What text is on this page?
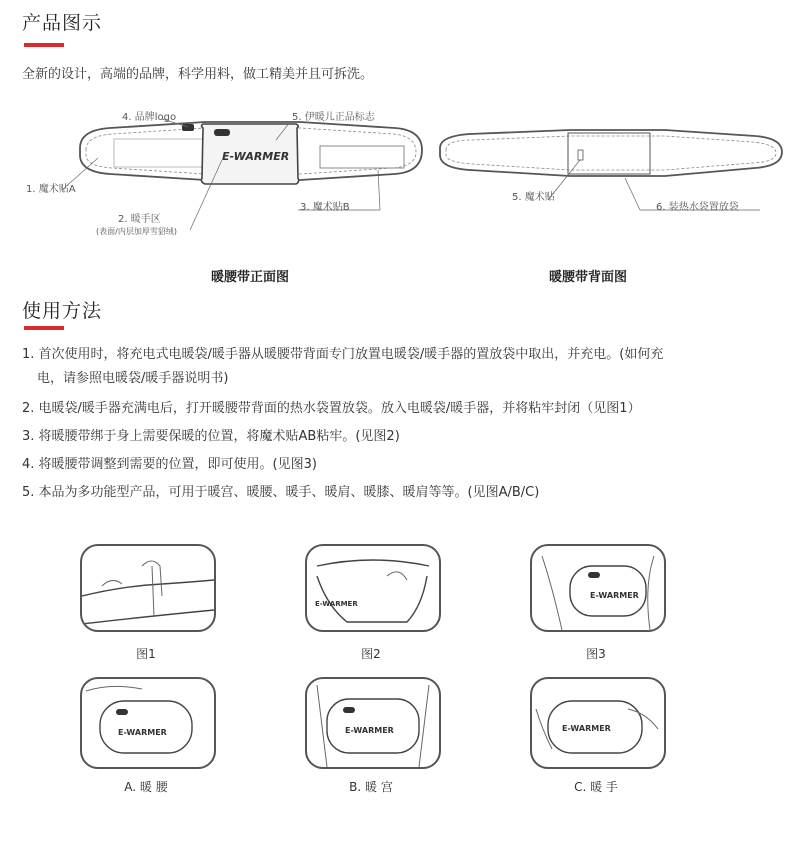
产品图示
全新的设计，高端的品牌，科学用料，做工精美并且可拆洗。
E-WARMER
4. 品牌logo	5. 伊暖儿正品标志
1. 魔术贴A
2. 暖手区
(表面/内层加厚雪貂绒)
3. 魔术贴B
暖腰带正面图
5. 魔术贴
6. 装热水袋置放袋
暖腰带背面图
使用方法
1. 首次使用时，将充电式电暖袋/暖手器从暖腰带背面专门放置电暖袋/暖手器的置放袋中取出，并充电。(如何充
电，请参照电暖袋/暖手器说明书)
2. 电暖袋/暖手器充满电后，打开暖腰带背面的热水袋置放袋。放入电暖袋/暖手器，并将粘牢封闭（见图1）
3. 将暖腰带绑于身上需要保暖的位置，将魔术贴AB粘牢。(见图2)
4. 将暖腰带调整到需要的位置，即可使用。(见图3)
5. 本品为多功能型产品，可用于暖宫、暖腰、暖手、暖肩、暖膝、暖肩等等。(见图A/B/C)
E-WARMER
E-WARMER
E-WARMER	E-WARMER	E-WARMER
图1	图2	图3
A. 暖 腰	B. 暖 宫	C. 暖 手
